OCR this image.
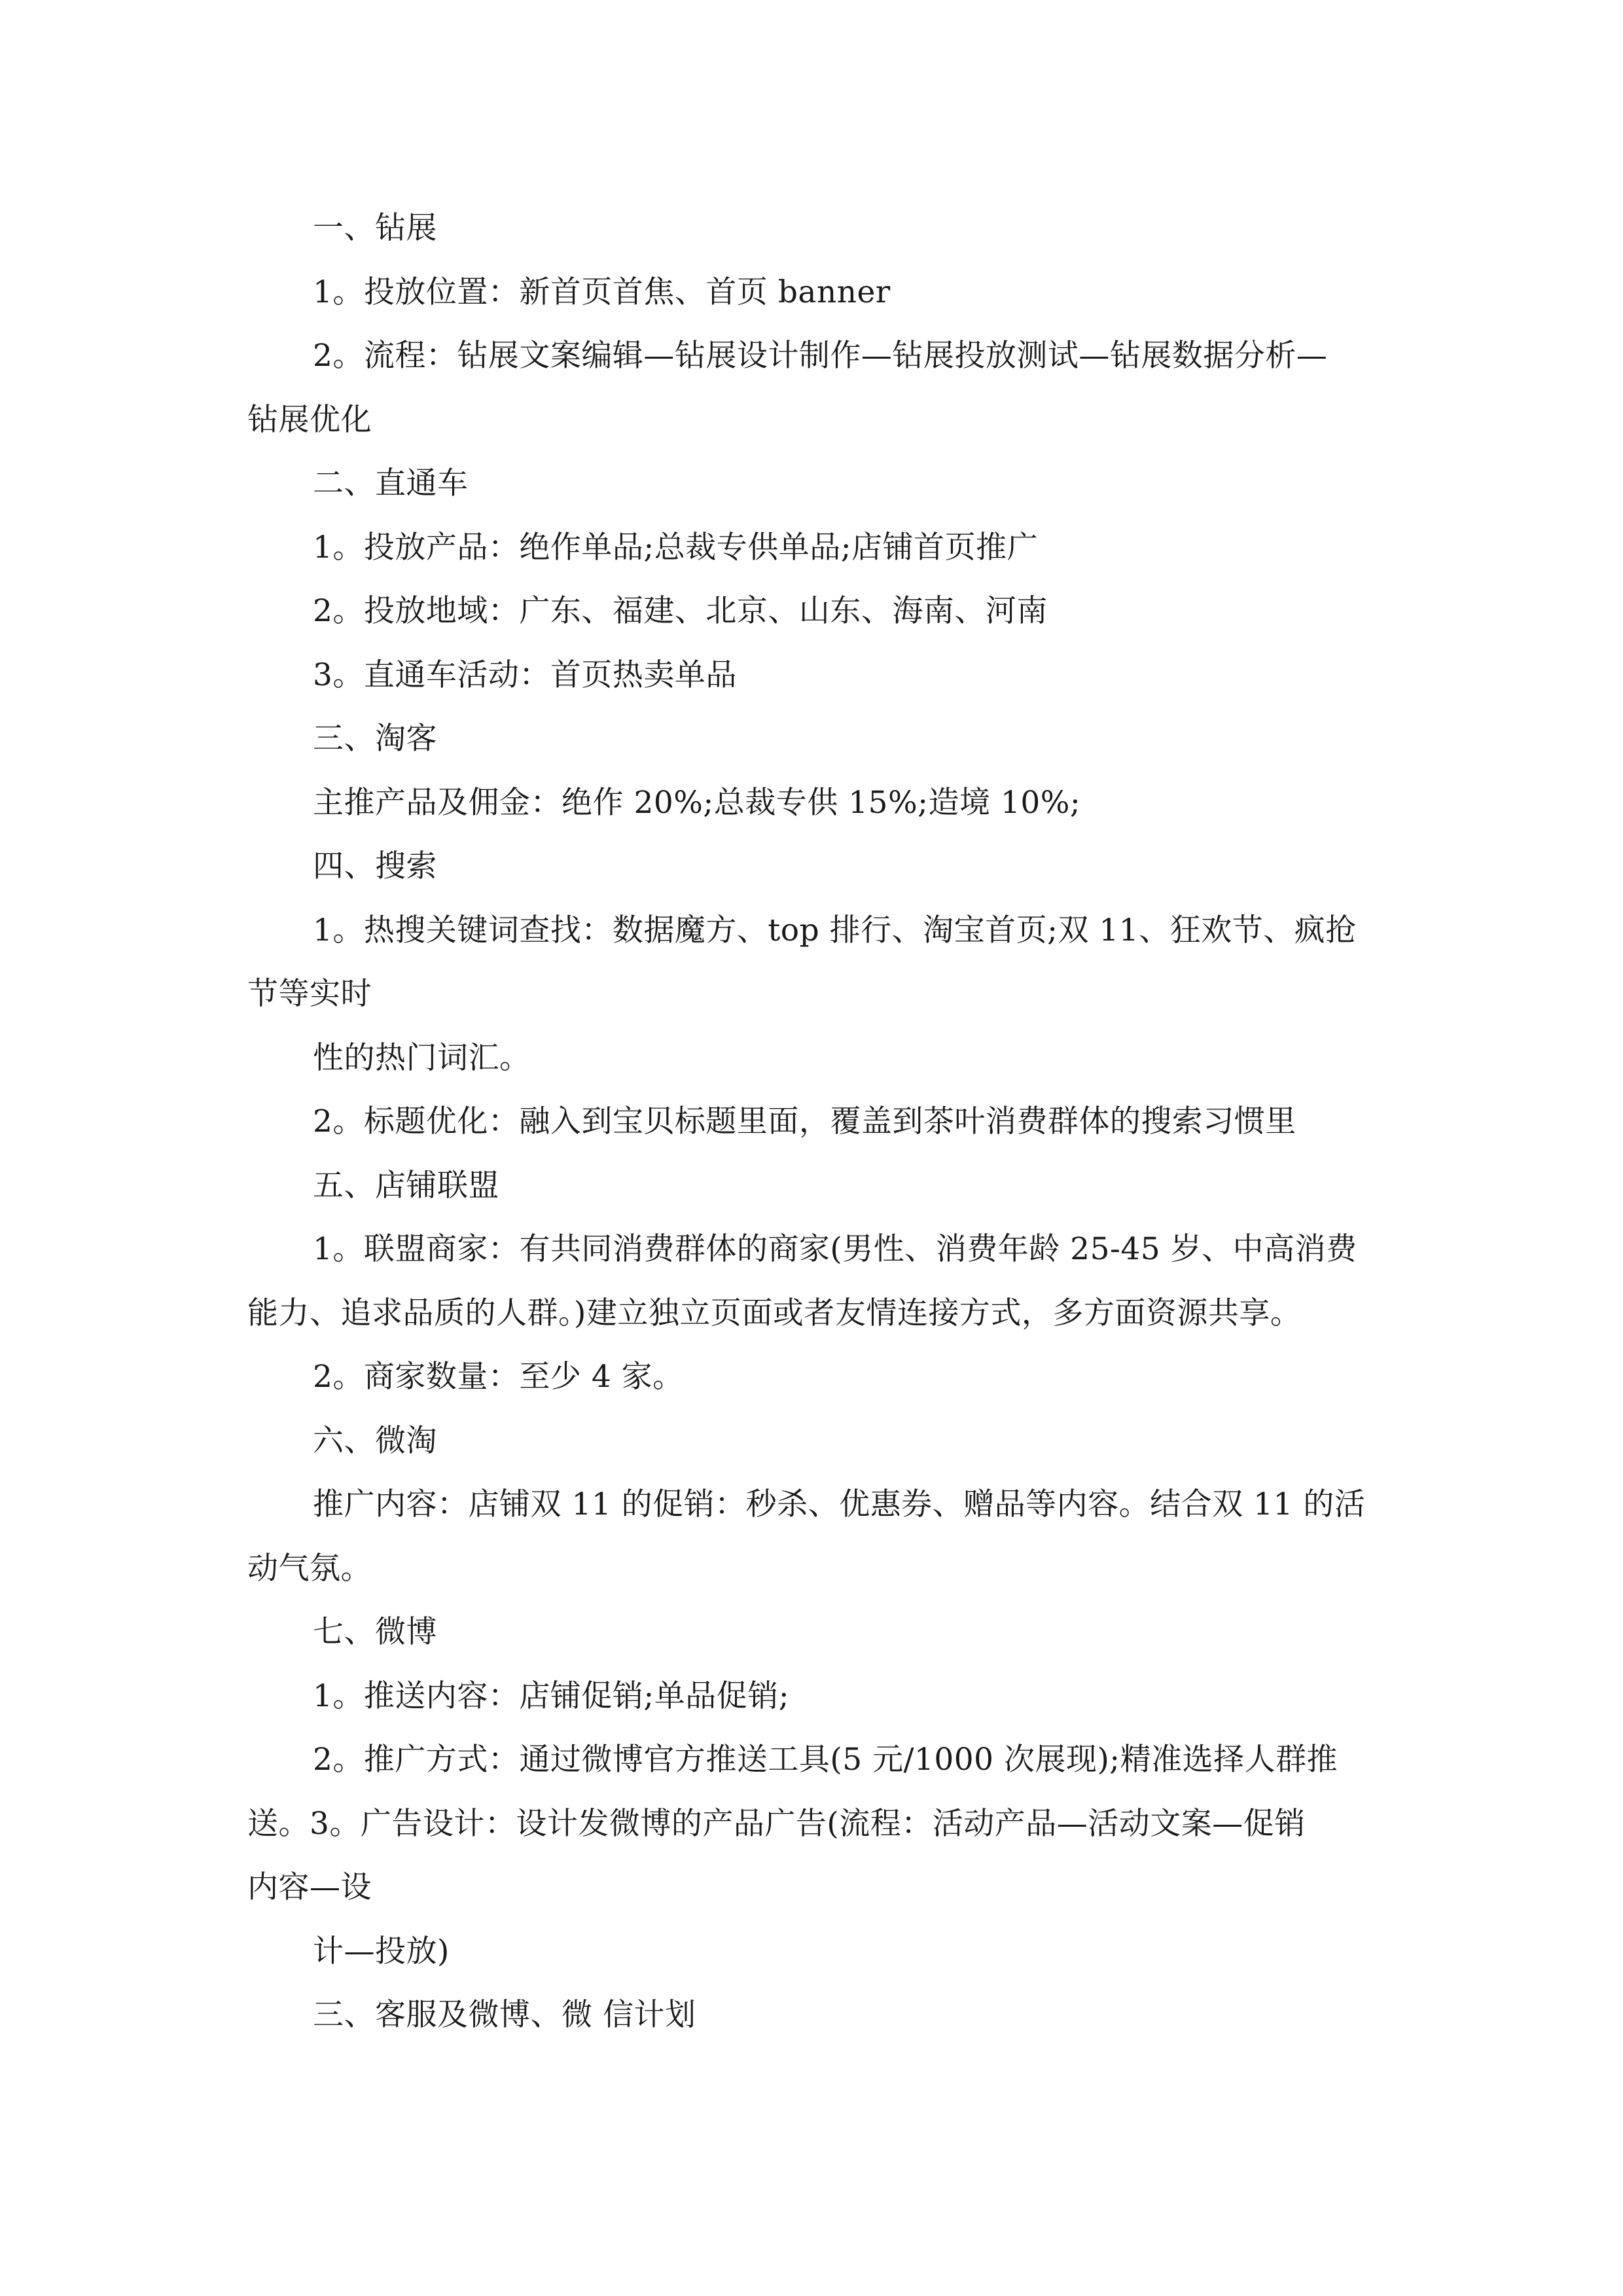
一、钻展
1。投放位置：新首页首焦、首页 banner
2。流程：钻展文案编辑—钻展设计制作—钻展投放测试—钻展数据分析—
钻展优化
二、直通车
1。投放产品：绝作单品;总裁专供单品;店铺首页推广
2。投放地域：广东、福建、北京、山东、海南、河南
3。直通车活动：首页热卖单品
三、淘客
主推产品及佣金：绝作 20%;总裁专供 15%;造境 10%;
四、搜索
1。热搜关键词查找：数据魔方、top 排行、淘宝首页;双 11、狂欢节、疯抢
节等实时
性的热门词汇。
2。标题优化：融入到宝贝标题里面，覆盖到茶叶消费群体的搜索习惯里
五、店铺联盟
1。联盟商家：有共同消费群体的商家(男性、消费年龄 25-45 岁、中高消费
能力、追求品质的人群。)建立独立页面或者友情连接方式，多方面资源共享。
2。商家数量：至少 4 家。
六、微淘
推广内容：店铺双 11 的促销：秒杀、优惠券、赠品等内容。结合双 11 的活
动气氛。
七、微博
1。推送内容：店铺促销;单品促销;
2。推广方式：通过微博官方推送工具(5 元/1000 次展现);精准选择人群推
送。3。广告设计：设计发微博的产品广告(流程：活动产品—活动文案—促销
内容—设
计—投放)
三、客服及微博、微 信计划
